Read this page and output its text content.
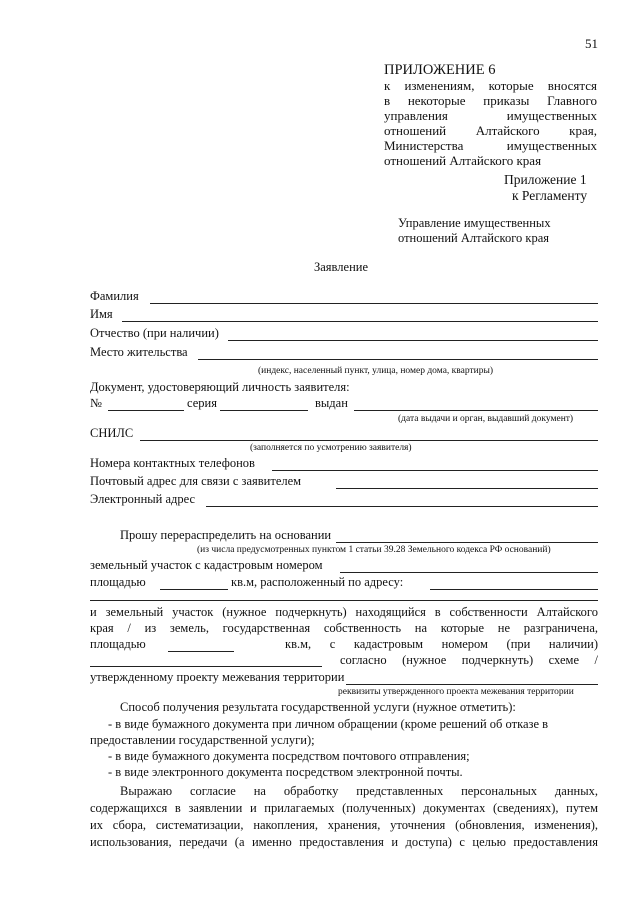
51
ПРИЛОЖЕНИЕ 6
к изменениям, которые вносятся
в некоторые приказы Главного
управления имущественных
отношений Алтайского края,
Министерства имущественных
отношений Алтайского края
Приложение 1
к Регламенту
Управление имущественных
отношений Алтайского края
Заявление
Фамилия
Имя
Отчество (при наличии)
Место жительства
(индекс, населенный пункт, улица, номер дома, квартиры)
Документ, удостоверяющий личность заявителя:
№	серия	выдан
(дата выдачи и орган, выдавший документ)
СНИЛС
(заполняется по усмотрению заявителя)
Номера контактных телефонов
Почтовый адрес для связи с заявителем
Электронный адрес
Прошу перераспределить на основании
(из числа предусмотренных пунктом 1 статьи 39.28 Земельного кодекса РФ оснований)
земельный участок с кадастровым номером
площадью	кв.м, расположенный по адресу:
и земельный участок (нужное подчеркнуть) находящийся в собственности Алтайского
края / из земель, государственная собственность на которые не разграничена,
площадью	кв.м, с кадастровым номером (при наличии)
согласно (нужное подчеркнуть) схеме /
утвержденному проекту межевания территории
реквизиты утвержденного проекта межевания территории
Способ получения результата государственной услуги (нужное отметить):
- в виде бумажного документа при личном обращении (кроме решений об отказе в
предоставлении государственной услуги);
- в виде бумажного документа посредством почтового отправления;
- в виде электронного документа посредством электронной почты.
Выражаю согласие на обработку представленных персональных данных,
содержащихся в заявлении и прилагаемых (полученных) документах (сведениях), путем
их сбора, систематизации, накопления, хранения, уточнения (обновления, изменения),
использования, передачи (а именно предоставления и доступа) с целью предоставления
